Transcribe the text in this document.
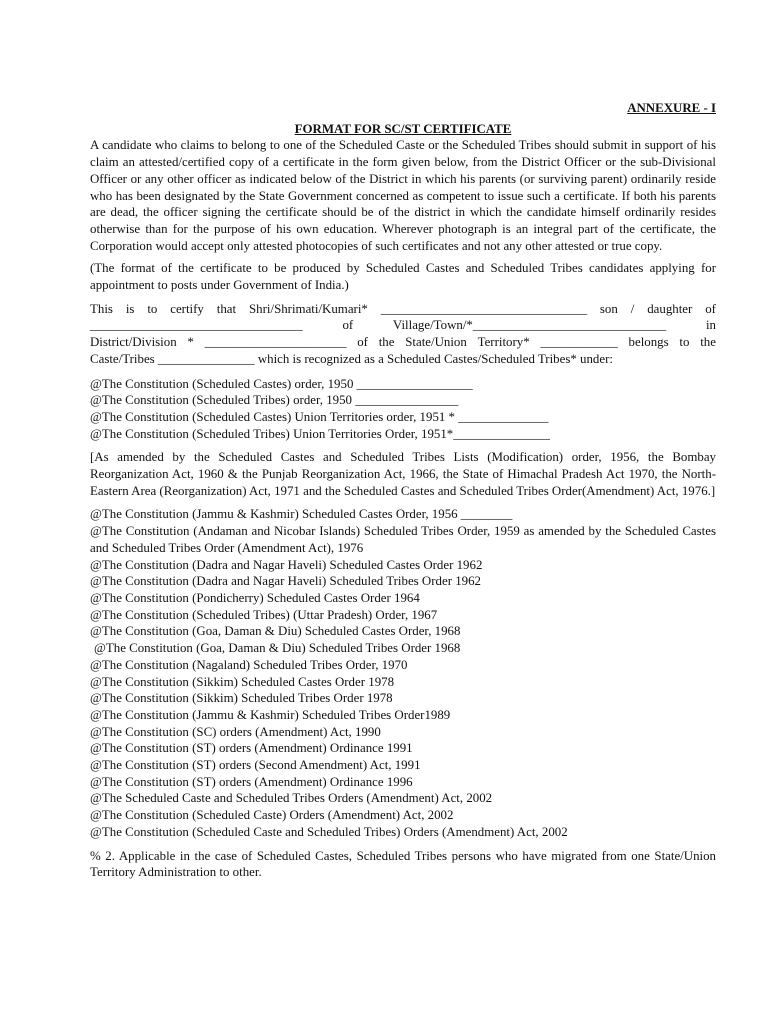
ANNEXURE - I
FORMAT FOR SC/ST CERTIFICATE

A candidate who claims to belong to one of the Scheduled Caste or the Scheduled Tribes should submit in support of his claim an attested/certified copy of a certificate in the form given below, from the District Officer or the sub-Divisional Officer or any other officer as indicated below of the District in which his parents (or surviving parent) ordinarily reside who has been designated by the State Government concerned as competent to issue such a certificate. If both his parents are dead, the officer signing the certificate should be of the district in which the candidate himself ordinarily resides otherwise than for the purpose of his own education. Wherever photograph is an integral part of the certificate, the Corporation would accept only attested photocopies of such certificates and not any other attested or true copy.

(The format of the certificate to be produced by Scheduled Castes and Scheduled Tribes candidates applying for appointment to posts under Government of India.)

This is to certify that Shri/Shrimati/Kumari* ________________________________ son / daughter of
_________________________________	of	Village/Town/*______________________________	in
District/Division * ______________________ of the State/Union Territory* ____________ belongs to the
Caste/Tribes _______________ which is recognized as a Scheduled Castes/Scheduled Tribes* under:
@The Constitution (Scheduled Castes) order, 1950 __________________
@The Constitution (Scheduled Tribes) order, 1950 ________________
@The Constitution (Scheduled Castes) Union Territories order, 1951 * ______________
@The Constitution (Scheduled Tribes) Union Territories Order, 1951*_______________

[As amended by the Scheduled Castes and Scheduled Tribes Lists (Modification) order, 1956, the Bombay Reorganization Act, 1960 & the Punjab Reorganization Act, 1966, the State of Himachal Pradesh Act 1970, the North-Eastern Area (Reorganization) Act, 1971 and the Scheduled Castes and Scheduled Tribes Order(Amendment) Act, 1976.]

@The Constitution (Jammu & Kashmir) Scheduled Castes Order, 1956 ________
@The Constitution (Andaman and Nicobar Islands) Scheduled Tribes Order, 1959 as amended by the Scheduled Castes and Scheduled Tribes Order (Amendment Act), 1976
@The Constitution (Dadra and Nagar Haveli) Scheduled Castes Order 1962
@The Constitution (Dadra and Nagar Haveli) Scheduled Tribes Order 1962
@The Constitution (Pondicherry) Scheduled Castes Order 1964
@The Constitution (Scheduled Tribes) (Uttar Pradesh) Order, 1967
@The Constitution (Goa, Daman & Diu) Scheduled Castes Order, 1968
@The Constitution (Goa, Daman & Diu) Scheduled Tribes Order 1968
@The Constitution (Nagaland) Scheduled Tribes Order, 1970
@The Constitution (Sikkim) Scheduled Castes Order 1978
@The Constitution (Sikkim) Scheduled Tribes Order 1978
@The Constitution (Jammu & Kashmir) Scheduled Tribes Order1989
@The Constitution (SC) orders (Amendment) Act, 1990
@The Constitution (ST) orders (Amendment) Ordinance 1991
@The Constitution (ST) orders (Second Amendment) Act, 1991
@The Constitution (ST) orders (Amendment) Ordinance 1996
@The Scheduled Caste and Scheduled Tribes Orders (Amendment) Act, 2002
@The Constitution (Scheduled Caste) Orders (Amendment) Act, 2002
@The Constitution (Scheduled Caste and Scheduled Tribes) Orders (Amendment) Act, 2002

% 2. Applicable in the case of Scheduled Castes, Scheduled Tribes persons who have migrated from one State/Union Territory Administration to other.
